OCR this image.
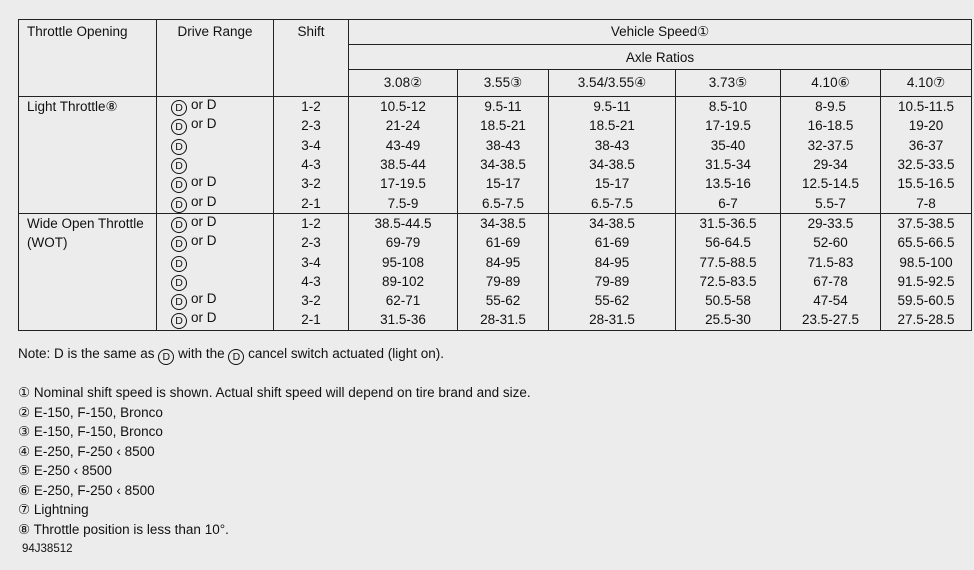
Throttle Opening	Drive Range	Shift	Vehicle Speed①					
			Axle Ratios					
			3.08②	3.55③	3.54/3.55④	3.73⑤	4.10⑥	4.10⑦
Light Throttle⑧	D or D	1-2	10.5-12	9.5-11	9.5-11	8.5-10	8-9.5	10.5-11.5
	D or D	2-3	21-24	18.5-21	18.5-21	17-19.5	16-18.5	19-20
	D	3-4	43-49	38-43	38-43	35-40	32-37.5	36-37
	D	4-3	38.5-44	34-38.5	34-38.5	31.5-34	29-34	32.5-33.5
	D or D	3-2	17-19.5	15-17	15-17	13.5-16	12.5-14.5	15.5-16.5
	D or D	2-1	7.5-9	6.5-7.5	6.5-7.5	6-7	5.5-7	7-8
Wide Open Throttle	D or D	1-2	38.5-44.5	34-38.5	34-38.5	31.5-36.5	29-33.5	37.5-38.5
(WOT)	D or D	2-3	69-79	61-69	61-69	56-64.5	52-60	65.5-66.5
	D	3-4	95-108	84-95	84-95	77.5-88.5	71.5-83	98.5-100
	D	4-3	89-102	79-89	79-89	72.5-83.5	67-78	91.5-92.5
	D or D	3-2	62-71	55-62	55-62	50.5-58	47-54	59.5-60.5
	D or D	2-1	31.5-36	28-31.5	28-31.5	25.5-30	23.5-27.5	27.5-28.5
Note: D is the same as D with the D cancel switch actuated (light on).
① Nominal shift speed is shown. Actual shift speed will depend on tire brand and size.
② E-150, F-150, Bronco
③ E-150, F-150, Bronco
④ E-250, F-250 ‹ 8500
⑤ E-250 ‹ 8500
⑥ E-250, F-250 ‹ 8500
⑦ Lightning
⑧ Throttle position is less than 10°.
94J38512
